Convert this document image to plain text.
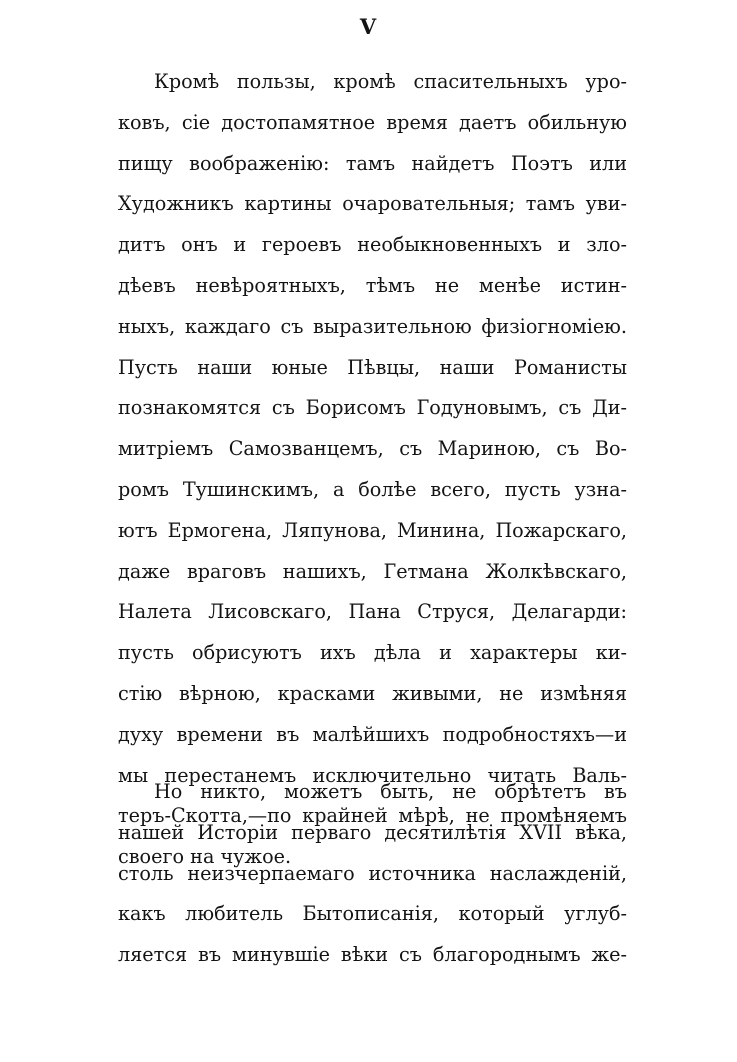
V
Кромѣ пользы, кромѣ спасительныхъ уро-
ковъ, сіе достопамятное время даетъ обильную
пищу воображенію: тамъ найдетъ Поэтъ или
Художникъ картины очаровательныя; тамъ уви-
дитъ онъ и героевъ необыкновенныхъ и зло-
дѣевъ невѣроятныхъ, тѣмъ не менѣе истин-
ныхъ, каждаго съ выразительною физіогноміею.
Пусть наши юные Пѣвцы, наши Романисты
познакомятся съ Борисомъ Годуновымъ, съ Ди-
митріемъ Самозванцемъ, съ Мариною, съ Во-
ромъ Тушинскимъ, а болѣе всего, пусть узна-
ютъ Ермогена, Ляпунова, Минина, Пожарскаго,
даже враговъ нашихъ, Гетмана Жолкѣвскаго,
Налета Лисовскаго, Пана Струся, Делагарди:
пусть обрисуютъ ихъ дѣла и характеры ки-
стію вѣрною, красками живыми, не измѣняя
духу времени въ малѣйшихъ подробностяхъ—и
мы перестанемъ исключительно читать Валь-
теръ-Скотта,—по крайней мѣрѣ, не промѣняемъ
своего на чужое.
Но никто, можетъ быть, не обрѣтетъ въ
нашей Исторіи перваго десятилѣтія XVII вѣка,
столь неизчерпаемаго источника наслажденій,
какъ любитель Бытописанія, который углуб-
ляется въ минувшіе вѣки съ благороднымъ же-
